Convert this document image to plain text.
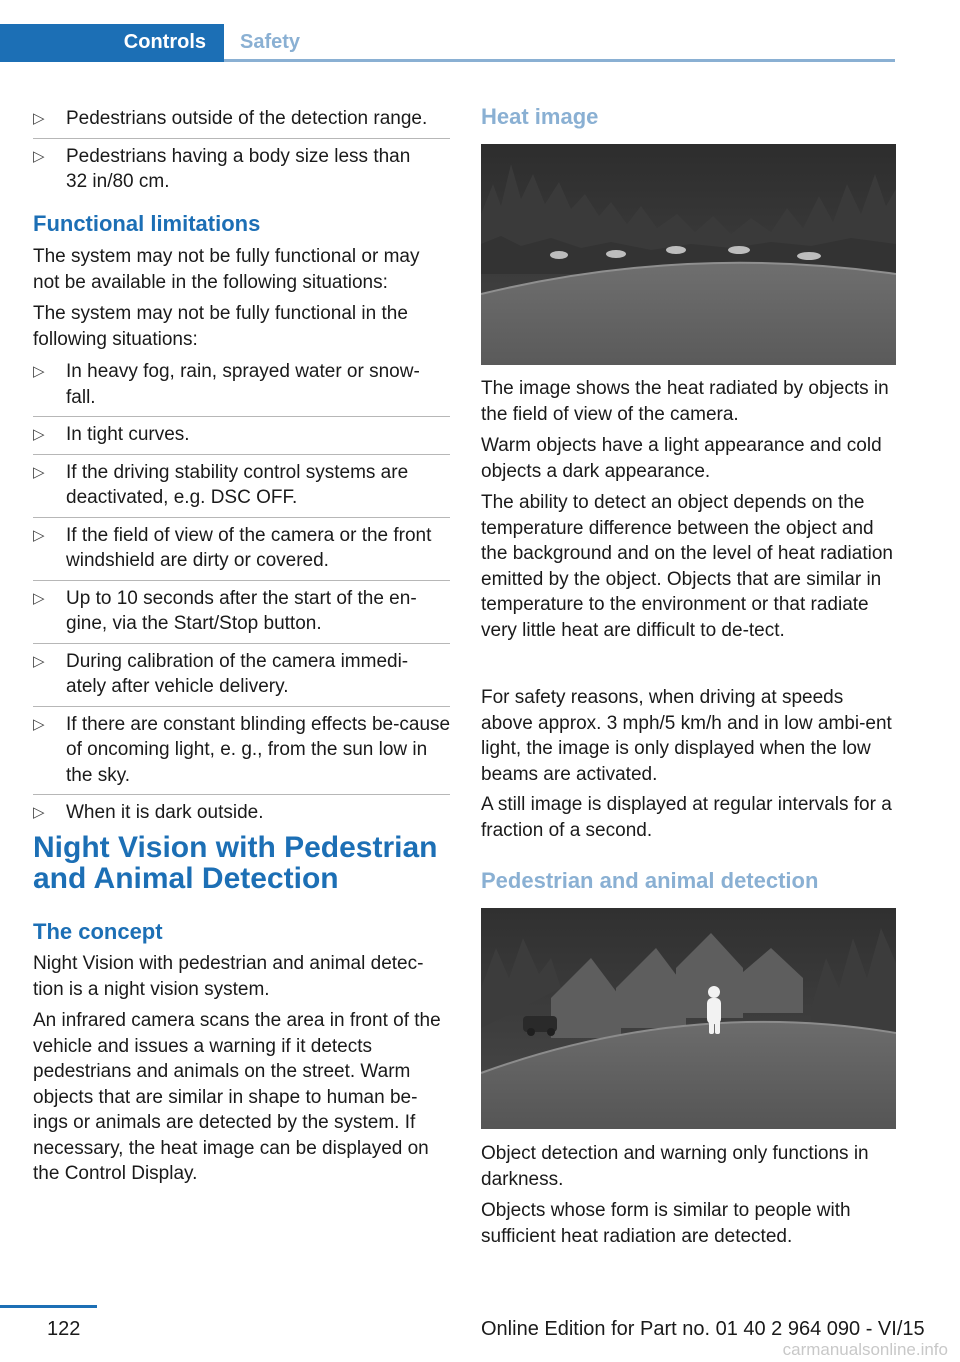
Controls Safety
▷ Pedestrians outside of the detection range.
▷ Pedestrians having a body size less than 32 in/80 cm.
Functional limitations

The system may not be fully functional or may not be available in the following situations:

The system may not be fully functional in the following situations:

▷ In heavy fog, rain, sprayed water or snow‐fall.
▷ In tight curves.
▷ If the driving stability control systems are deactivated, e.g. DSC OFF.
▷ If the field of view of the camera or the front windshield are dirty or covered.
▷ Up to 10 seconds after the start of the en‐gine, via the Start/Stop button.
▷ During calibration of the camera immedi‐ately after vehicle delivery.
▷ If there are constant blinding effects be‐cause of oncoming light, e. g., from the sun low in the sky.
▷ When it is dark outside.
Night Vision with Pedestrian and Animal Detection
The concept

Night Vision with pedestrian and animal detec‐tion is a night vision system.

An infrared camera scans the area in front of the vehicle and issues a warning if it detects pedestrians and animals on the street. Warm objects that are similar in shape to human be‐ings or animals are detected by the system. If necessary, the heat image can be displayed on the Control Display.

Heat image

The image shows the heat radiated by objects in the field of view of the camera.

Warm objects have a light appearance and cold objects a dark appearance.

The ability to detect an object depends on the temperature difference between the object and the background and on the level of heat radiation emitted by the object. Objects that are similar in temperature to the environment or that radiate very little heat are difficult to de‐tect.

For safety reasons, when driving at speeds above approx. 3 mph/5 km/h and in low ambi‐ent light, the image is only displayed when the low beams are activated.

A still image is displayed at regular intervals for a fraction of a second.

Pedestrian and animal detection

Object detection and warning only functions in darkness.

Objects whose form is similar to people with sufficient heat radiation are detected.

122	Online Edition for Part no. 01 40 2 964 090 - VI/15
carmanualsonline.info
